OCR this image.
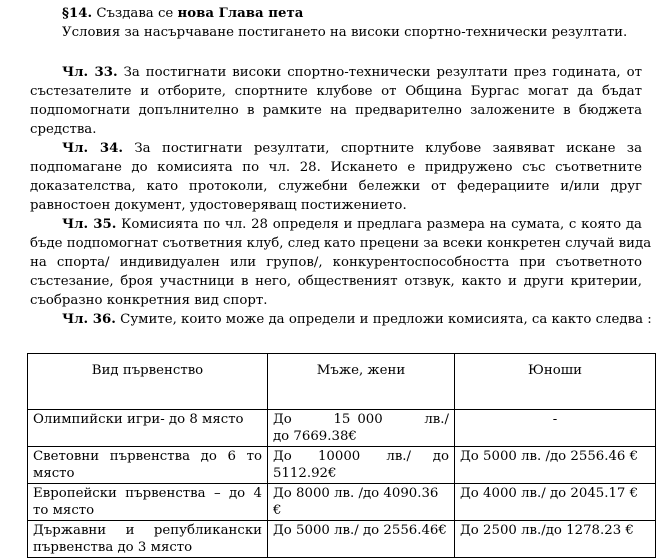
§14. Създава се нова Глава пета
Условия за насърчаване постигането на високи спортно-технически резултати.
Чл. 33. За постигнати високи спортно-технически резултати през годината, от
състезателите и отборите, спортните клубове от Община Бургас могат да бъдат
подпомогнати допълнително в рамките на предварително заложените в бюджета
средства.
Чл. 34. За постигнати резултати, спортните клубове заявяват искане за
подпомагане до комисията по чл. 28. Искането е придружено със съответните
доказателства, като протоколи, служебни бележки от федерациите и/или друг
равностоен документ, удостоверяващ постижението.
Чл. 35. Комисията по чл. 28 определя и предлага размера на сумата, с която да
бъде подпомогнат съответния клуб, след като прецени за всеки конкретен случай вида
на спорта/ индивидуален или групов/, конкурентоспособността при съответното
състезание, броя участници в него, общественият отзвук, както и други критерии,
съобразно конкретния вид спорт.
Чл. 36. Сумите, които може да определи и предложи комисията, са както следва :
Вид първенство	Мъже, жени	Юноши
Олимпийски игри- до 8 място	До      15 000      лв./     до 7669.38€	-
Световни първенства до 6 то място	До      10000      лв./     до 5112.92€	До 5000 лв. /до 2556.46 €
Европейски първенства – до 4 то място	До 8000 лв. /до 4090.36 €	До 4000 лв./ до 2045.17 €
Държавни и републикански първенства до 3 място	До 5000 лв./ до 2556.46€	До 2500 лв./до 1278.23 €
